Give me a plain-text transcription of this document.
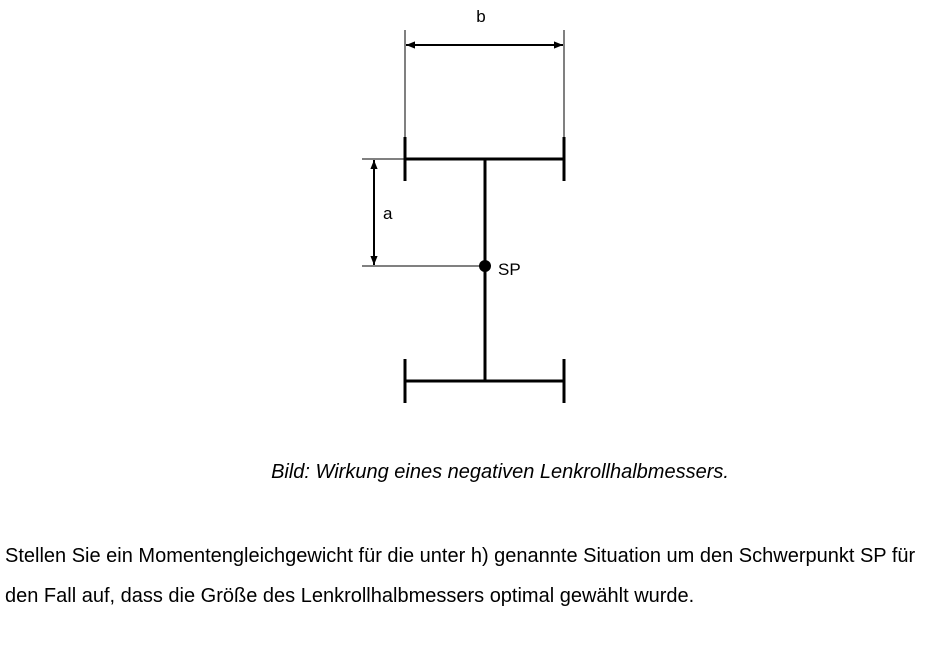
b
a
SP
Bild: Wirkung eines negativen Lenkrollhalbmessers.

Stellen Sie ein Momentengleichgewicht für die unter h) genannte Situation um den Schwerpunkt SP für den Fall auf, dass die Größe des Lenkrollhalbmessers optimal gewählt wurde.
